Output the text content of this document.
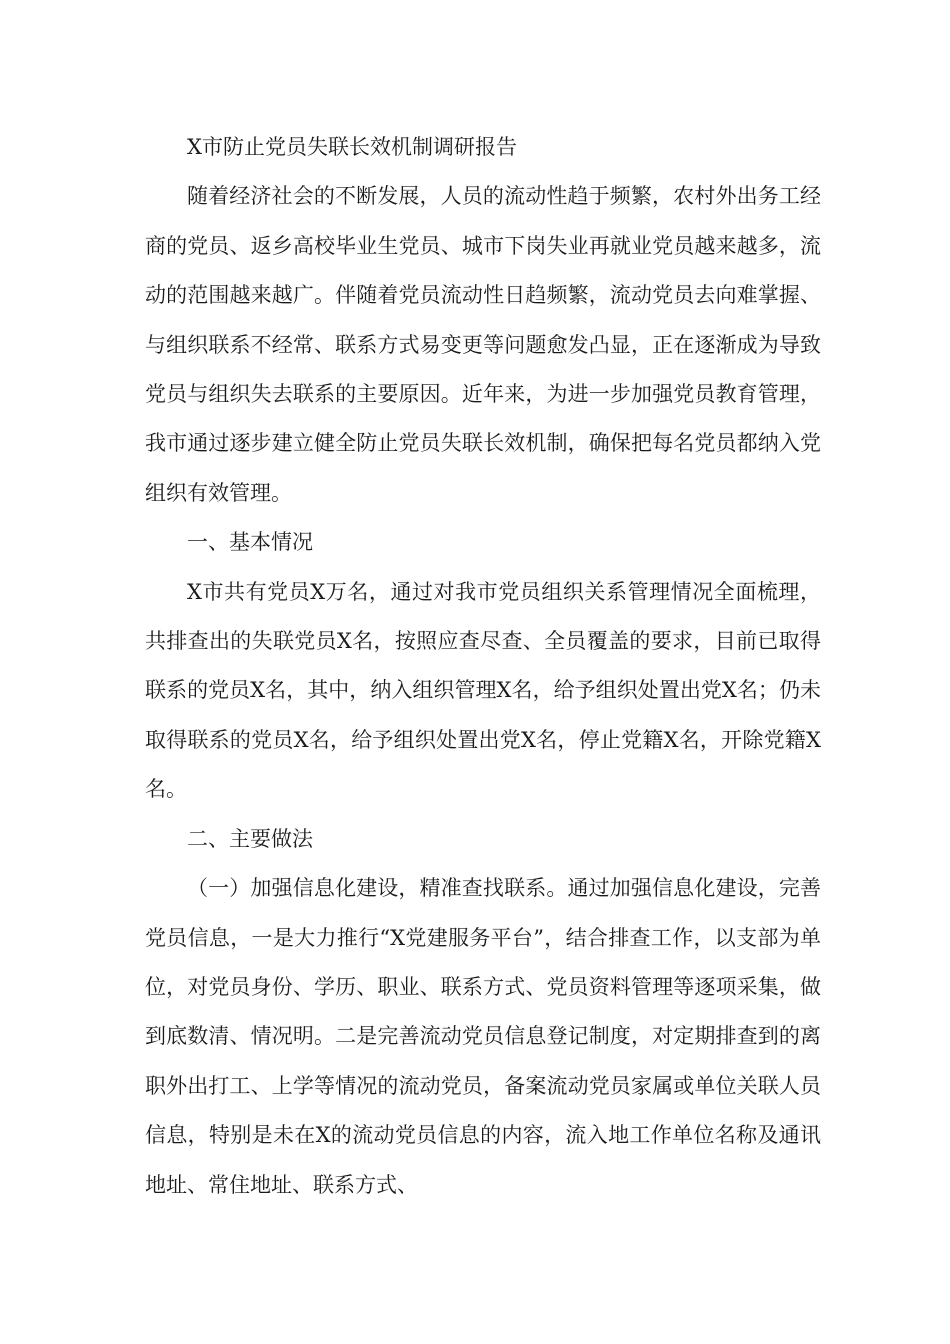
X市防止党员失联长效机制调研报告

随着经济社会的不断发展，人员的流动性趋于频繁，农村外出务工经商的党员、返乡高校毕业生党员、城市下岗失业再就业党员越来越多，流动的范围越来越广。伴随着党员流动性日趋频繁，流动党员去向难掌握、与组织联系不经常、联系方式易变更等问题愈发凸显，正在逐渐成为导致党员与组织失去联系的主要原因。近年来，为进一步加强党员教育管理，我市通过逐步建立健全防止党员失联长效机制，确保把每名党员都纳入党组织有效管理。

一、基本情况

X市共有党员X万名，通过对我市党员组织关系管理情况全面梳理，共排查出的失联党员X名，按照应查尽查、全员覆盖的要求，目前已取得联系的党员X名，其中，纳入组织管理X名，给予组织处置出党X名；仍未取得联系的党员X名，给予组织处置出党X名，停止党籍X名，开除党籍X名。

二、主要做法

（一）加强信息化建设，精准查找联系。通过加强信息化建设，完善党员信息，一是大力推行“X党建服务平台”，结合排查工作，以支部为单位，对党员身份、学历、职业、联系方式、党员资料管理等逐项采集，做到底数清、情况明。二是完善流动党员信息登记制度，对定期排查到的离职外出打工、上学等情况的流动党员，备案流动党员家属或单位关联人员信息，特别是未在X的流动党员信息的内容，流入地工作单位名称及通讯地址、常住地址、联系方式、
